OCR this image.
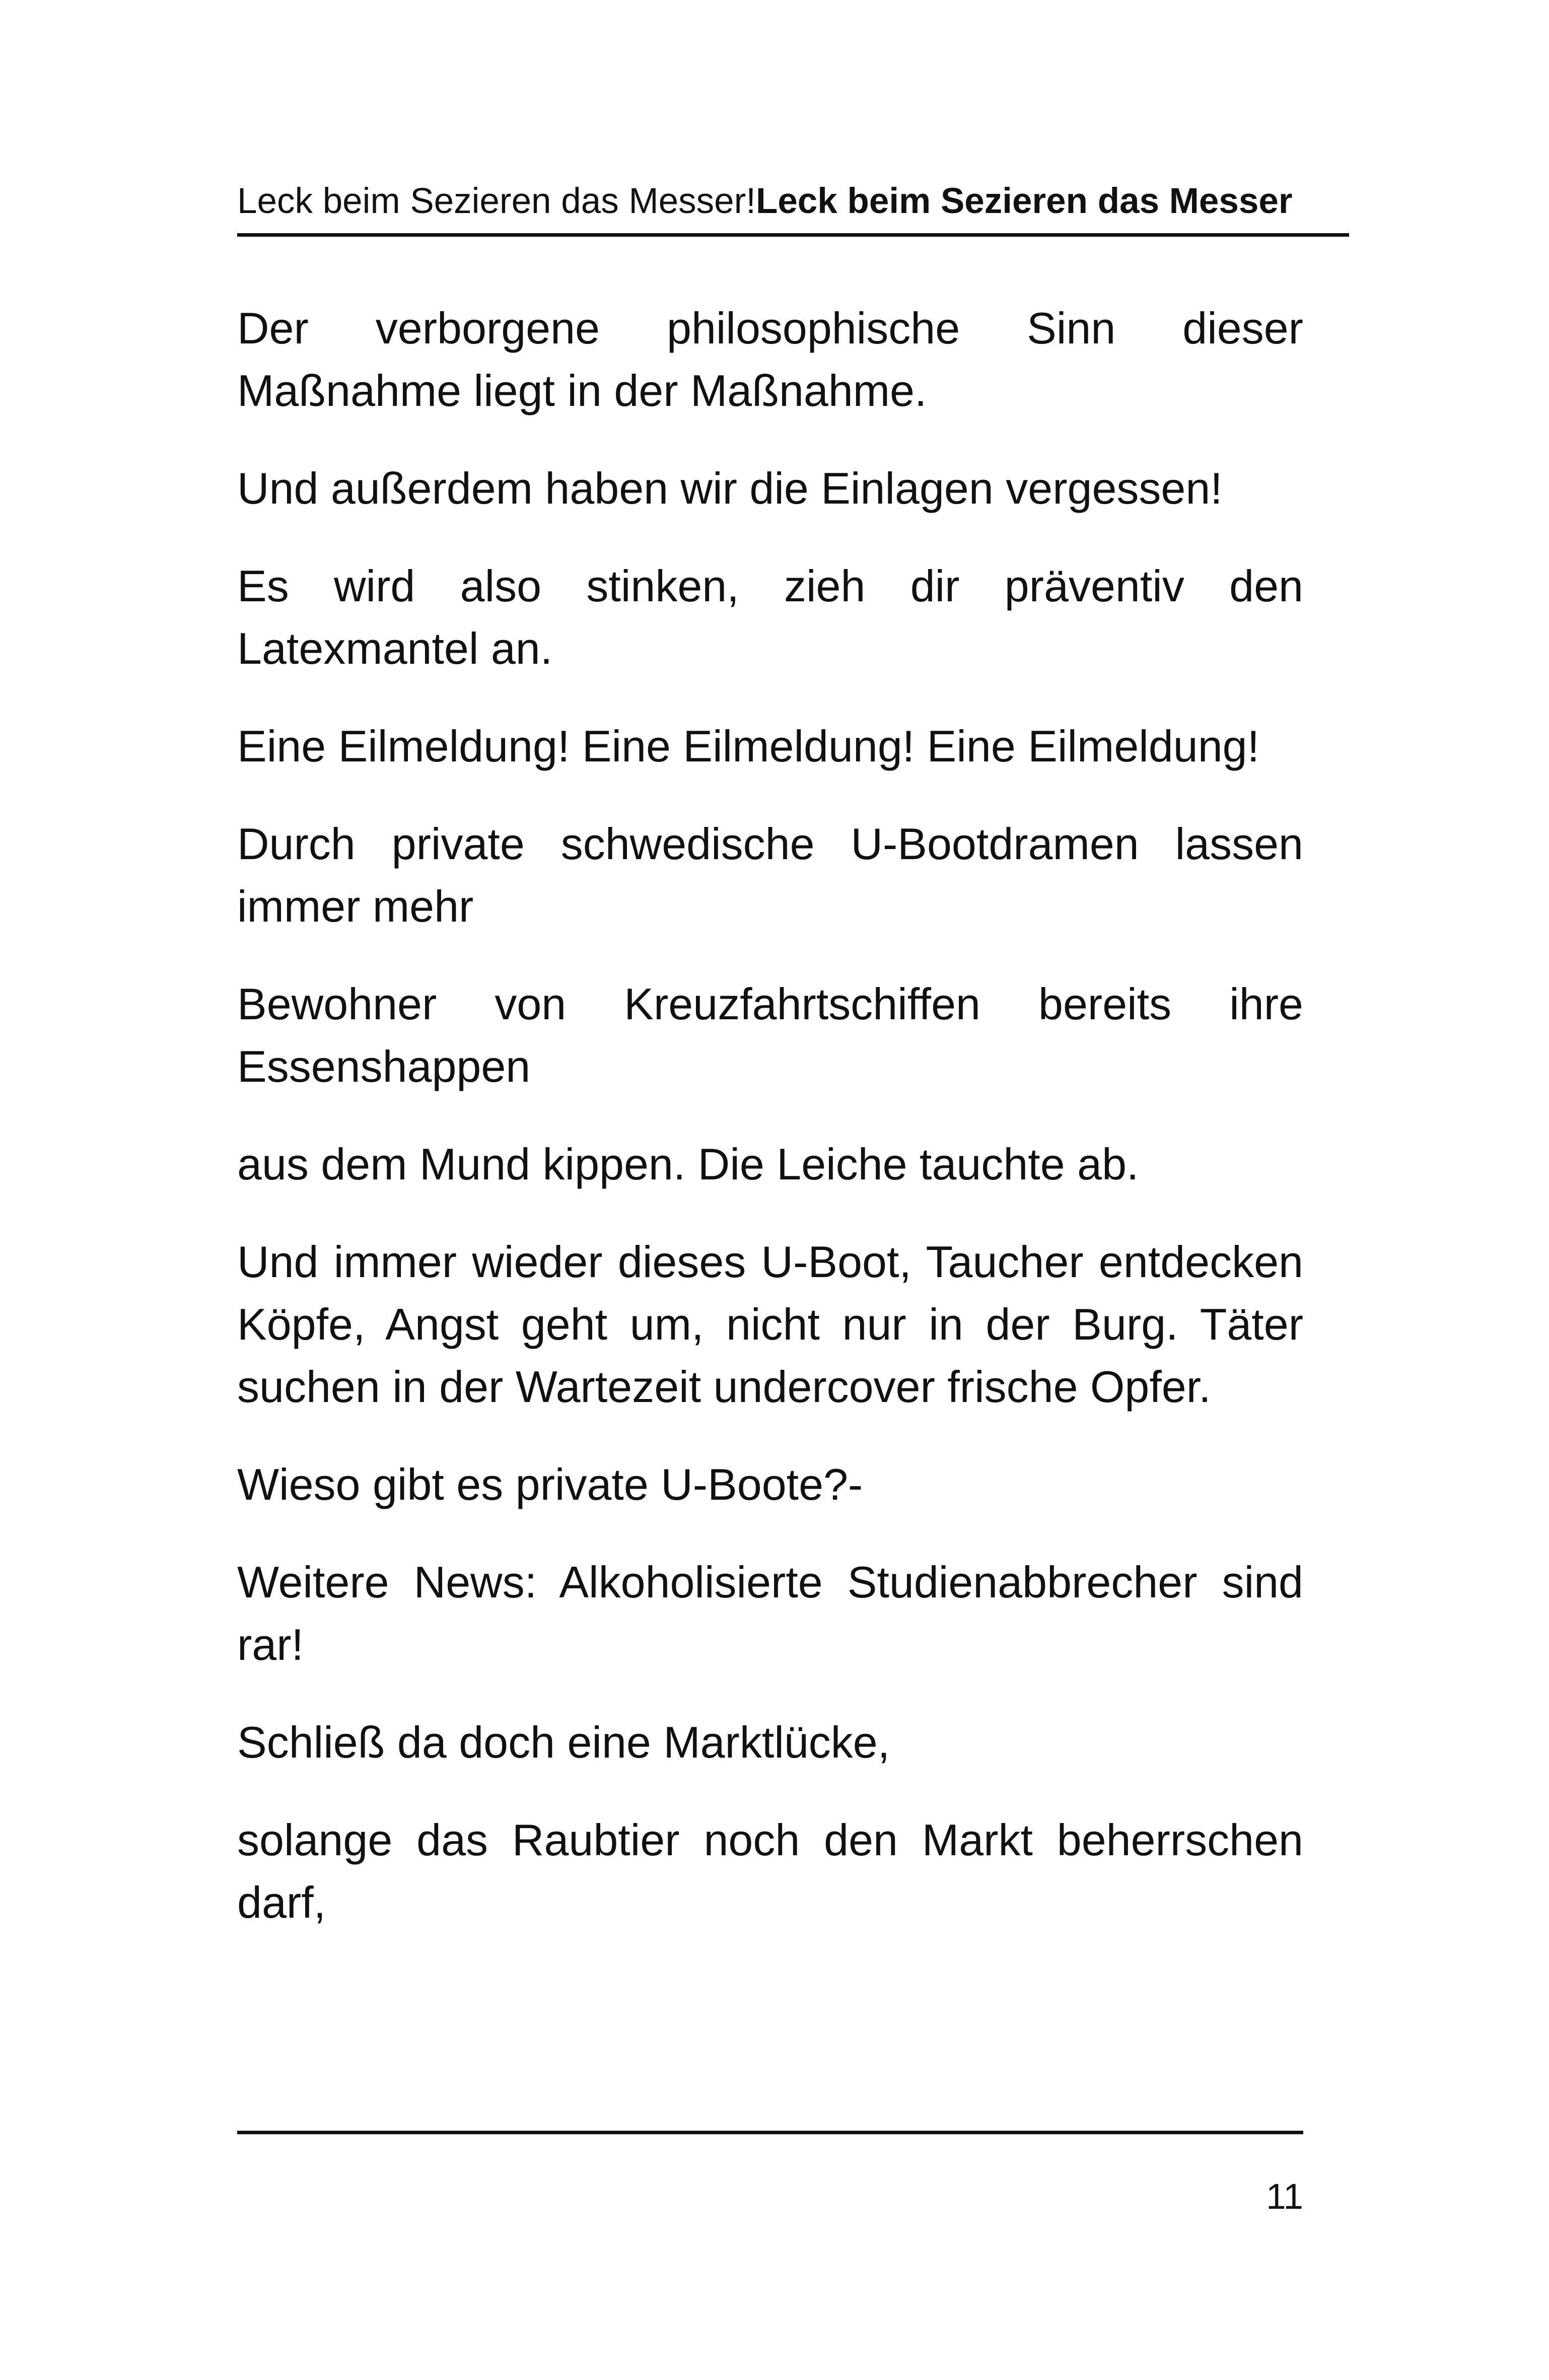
Leck beim Sezieren das Messer!Leck beim Sezieren das Messer

Der verborgene philosophische Sinn dieser Maßnahme liegt in der Maßnahme.

Und außerdem haben wir die Einlagen vergessen!

Es wird also stinken, zieh dir präventiv den Latexmantel an.

Eine Eilmeldung! Eine Eilmeldung! Eine Eilmeldung!

Durch private schwedische U-Bootdramen lassen immer mehr

Bewohner von Kreuzfahrtschiffen bereits ihre Essenshappen

aus dem Mund kippen. Die Leiche tauchte ab.

Und immer wieder dieses U-Boot, Taucher entdecken Köpfe, Angst geht um, nicht nur in der Burg. Täter suchen in der Wartezeit undercover frische Opfer.

Wieso gibt es private U-Boote?-

Weitere News: Alkoholisierte Studienabbrecher sind rar!

Schließ da doch eine Marktlücke,

solange das Raubtier noch den Markt beherrschen darf,

11
